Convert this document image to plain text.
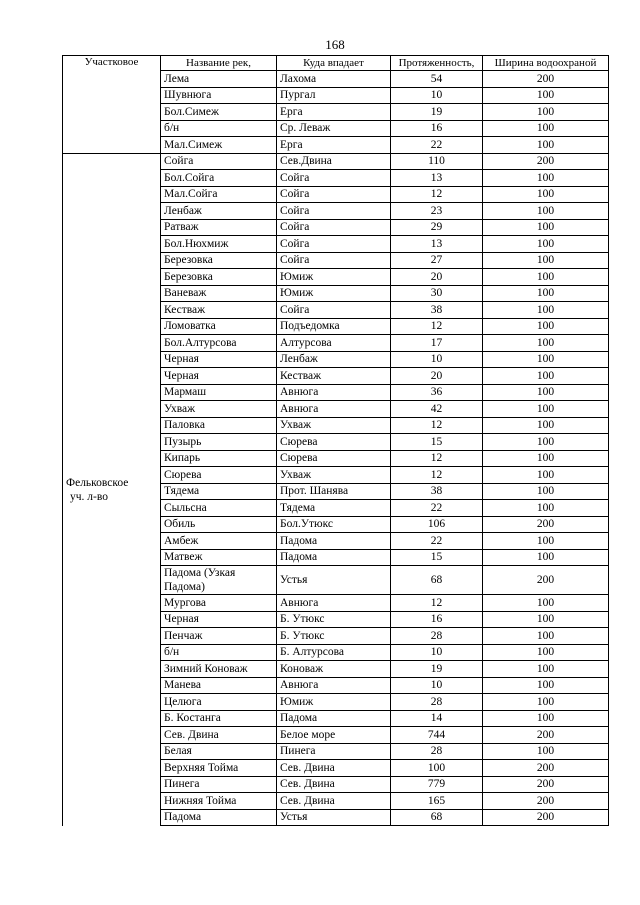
168
Участковое	Название рек,	Куда впадает	Протяженность,	Ширина водоохраной
	Лема	Лахома	54	200
	Шувнюга	Пургал	10	100
	Бол.Симеж	Ерга	19	100
	б/н	Ср. Леваж	16	100
	Мал.Симеж	Ерга	22	100

Фельковское
уч. л-во	Сойга	Сев.Двина	110	200
	Бол.Сойга	Сойга	13	100
	Мал.Сойга	Сойга	12	100
	Ленбаж	Сойга	23	100
	Ратваж	Сойга	29	100
	Бол.Нюхмиж	Сойга	13	100
	Березовка	Сойга	27	100
	Березовка	Юмиж	20	100
	Ваневаж	Юмиж	30	100
	Кестваж	Сойга	38	100
	Ломоватка	Подъедомка	12	100
	Бол.Алтурсова	Алтурсова	17	100
	Черная	Ленбаж	10	100
	Черная	Кестваж	20	100
	Мармаш	Авнюга	36	100
	Ухваж	Авнюга	42	100
	Паловка	Ухваж	12	100
	Пузырь	Сюрева	15	100
	Кипарь	Сюрева	12	100
	Сюрева	Ухваж	12	100
	Тядема	Прот. Шанява	38	100
	Сыльсна	Тядема	22	100
	Обиль	Бол.Утюкс	106	200
	Амбеж	Падома	22	100
	Матвеж	Падома	15	100
	Падома (Узкая Падома)	Устья	68	200
	Мургова	Авнюга	12	100
	Черная	Б. Утюкс	16	100
	Пенчаж	Б. Утюкс	28	100
	б/н	Б. Алтурсова	10	100
	Зимний Коноваж	Коноваж	19	100
	Манева	Авнюга	10	100
	Целюга	Юмиж	28	100
	Б. Костанга	Падома	14	100
	Сев. Двина	Белое море	744	200
	Белая	Пинега	28	100
	Верхняя Тойма	Сев. Двина	100	200
	Пинега	Сев. Двина	779	200
	Нижняя Тойма	Сев. Двина	165	200
	Падома	Устья	68	200
